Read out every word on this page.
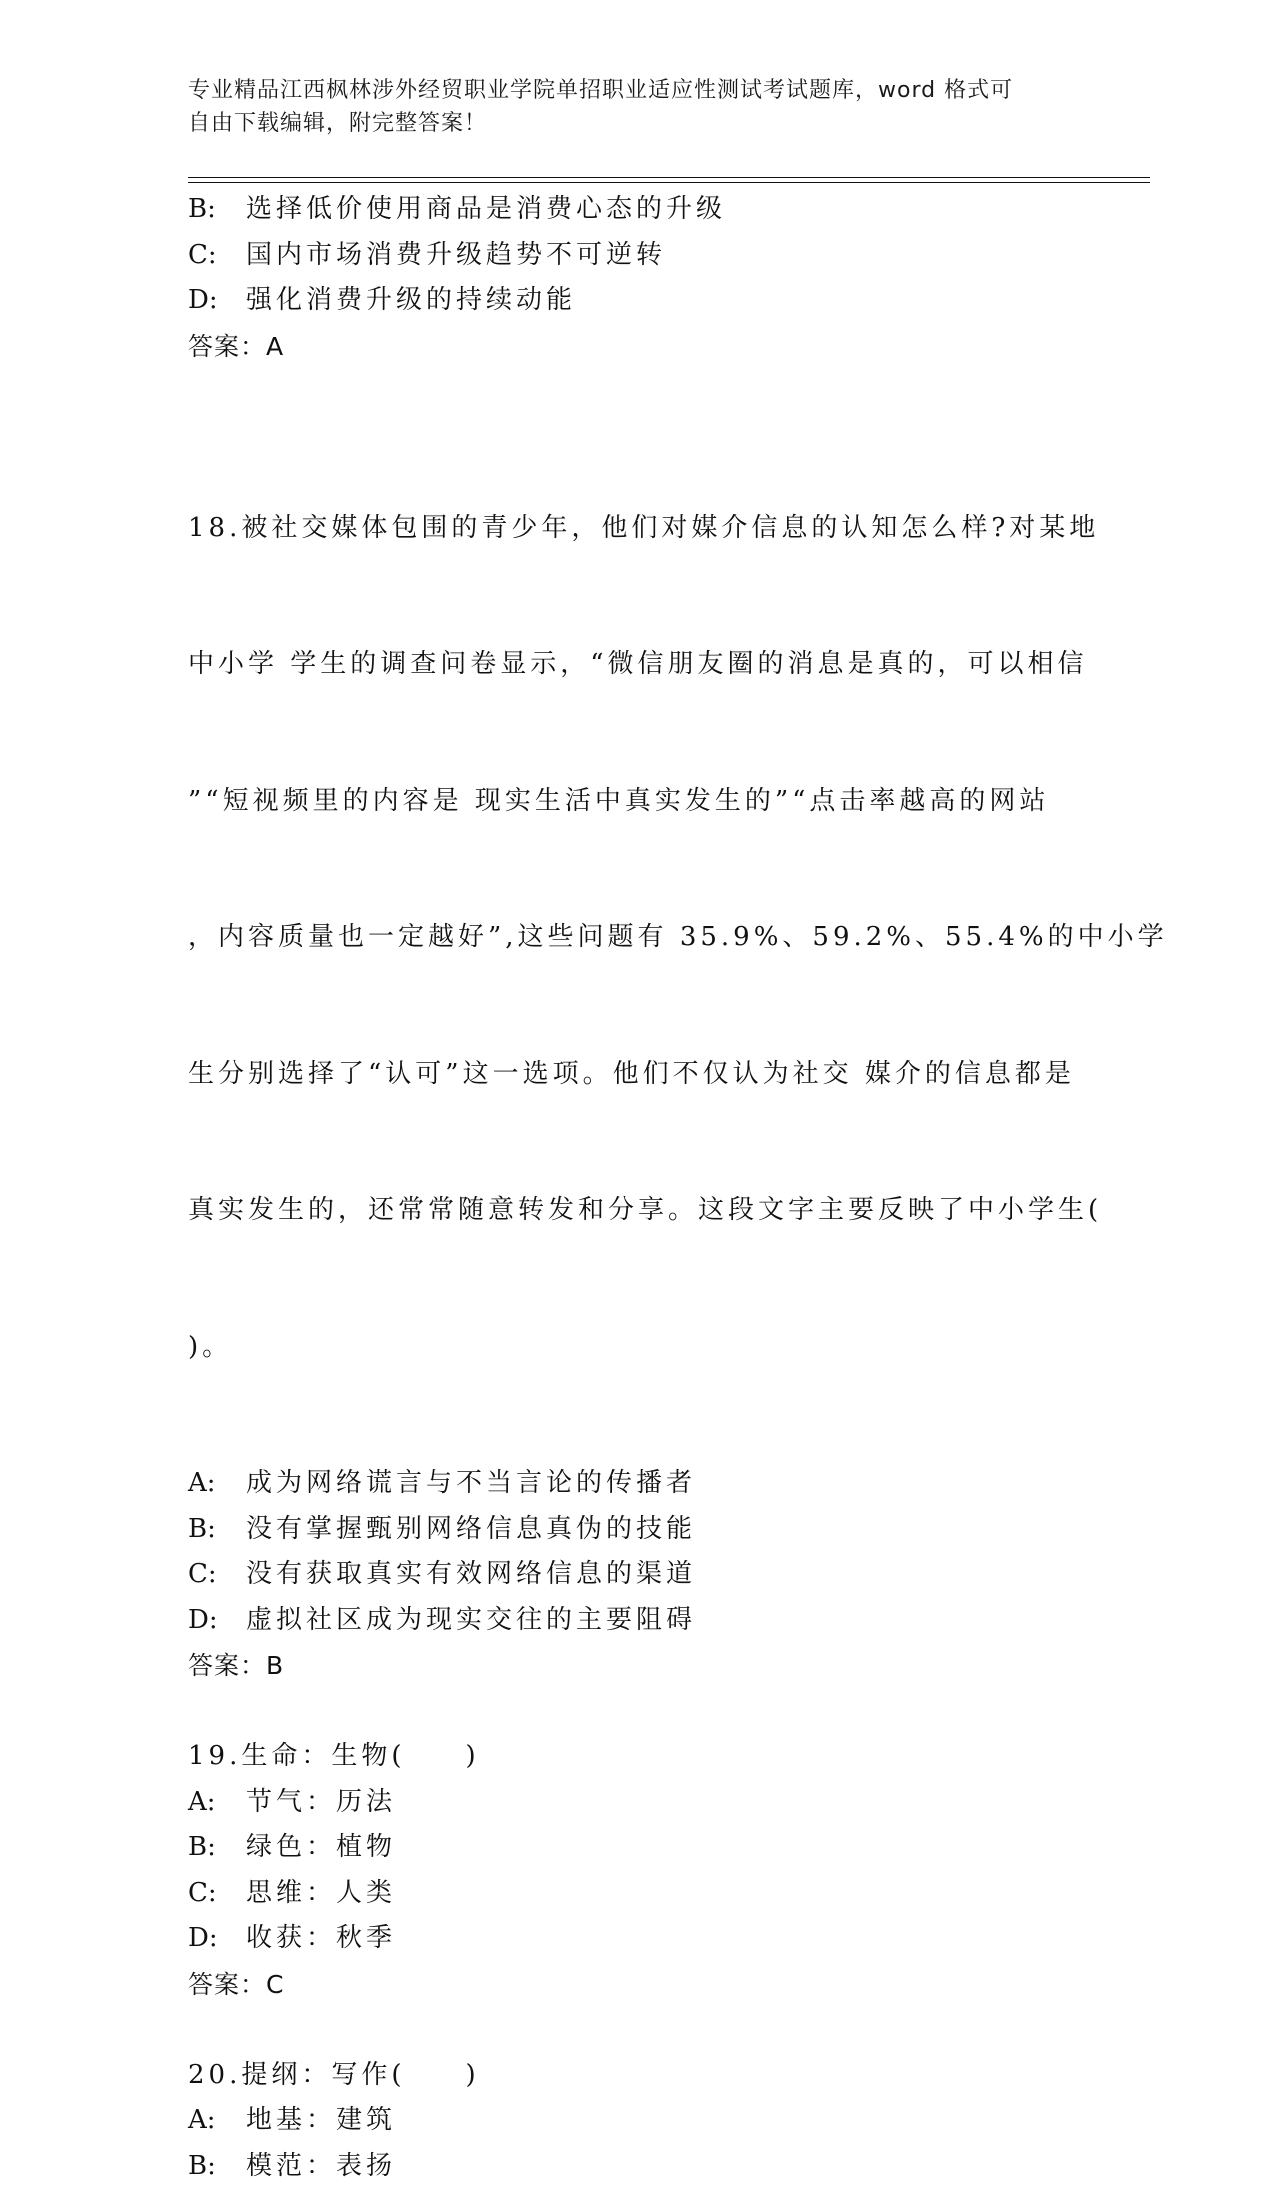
专业精品江西枫林涉外经贸职业学院单招职业适应性测试考试题库，word 格式可
自由下载编辑，附完整答案！
B: 选择低价使用商品是消费心态的升级
C: 国内市场消费升级趋势不可逆转
D: 强化消费升级的持续动能
答案：A

18.被社交媒体包围的青少年，他们对媒介信息的认知怎么样?对某地

中小学 学生的调查问卷显示，“微信朋友圈的消息是真的，可以相信

”“短视频里的内容是 现实生活中真实发生的”“点击率越高的网站

，内容质量也一定越好”,这些问题有 35.9%、59.2%、55.4%的中小学

生分别选择了“认可”这一选项。他们不仅认为社交 媒介的信息都是

真实发生的，还常常随意转发和分享。这段文字主要反映了中小学生(

)。

A: 成为网络谎言与不当言论的传播者
B: 没有掌握甄别网络信息真伪的技能
C: 没有获取真实有效网络信息的渠道
D: 虚拟社区成为现实交往的主要阻碍
答案：B
19.生命：生物(　　)
A: 节气：历法
B: 绿色：植物
C: 思维：人类
D: 收获：秋季
答案：C
20.提纲：写作(　　)
A: 地基：建筑
B: 模范：表扬
